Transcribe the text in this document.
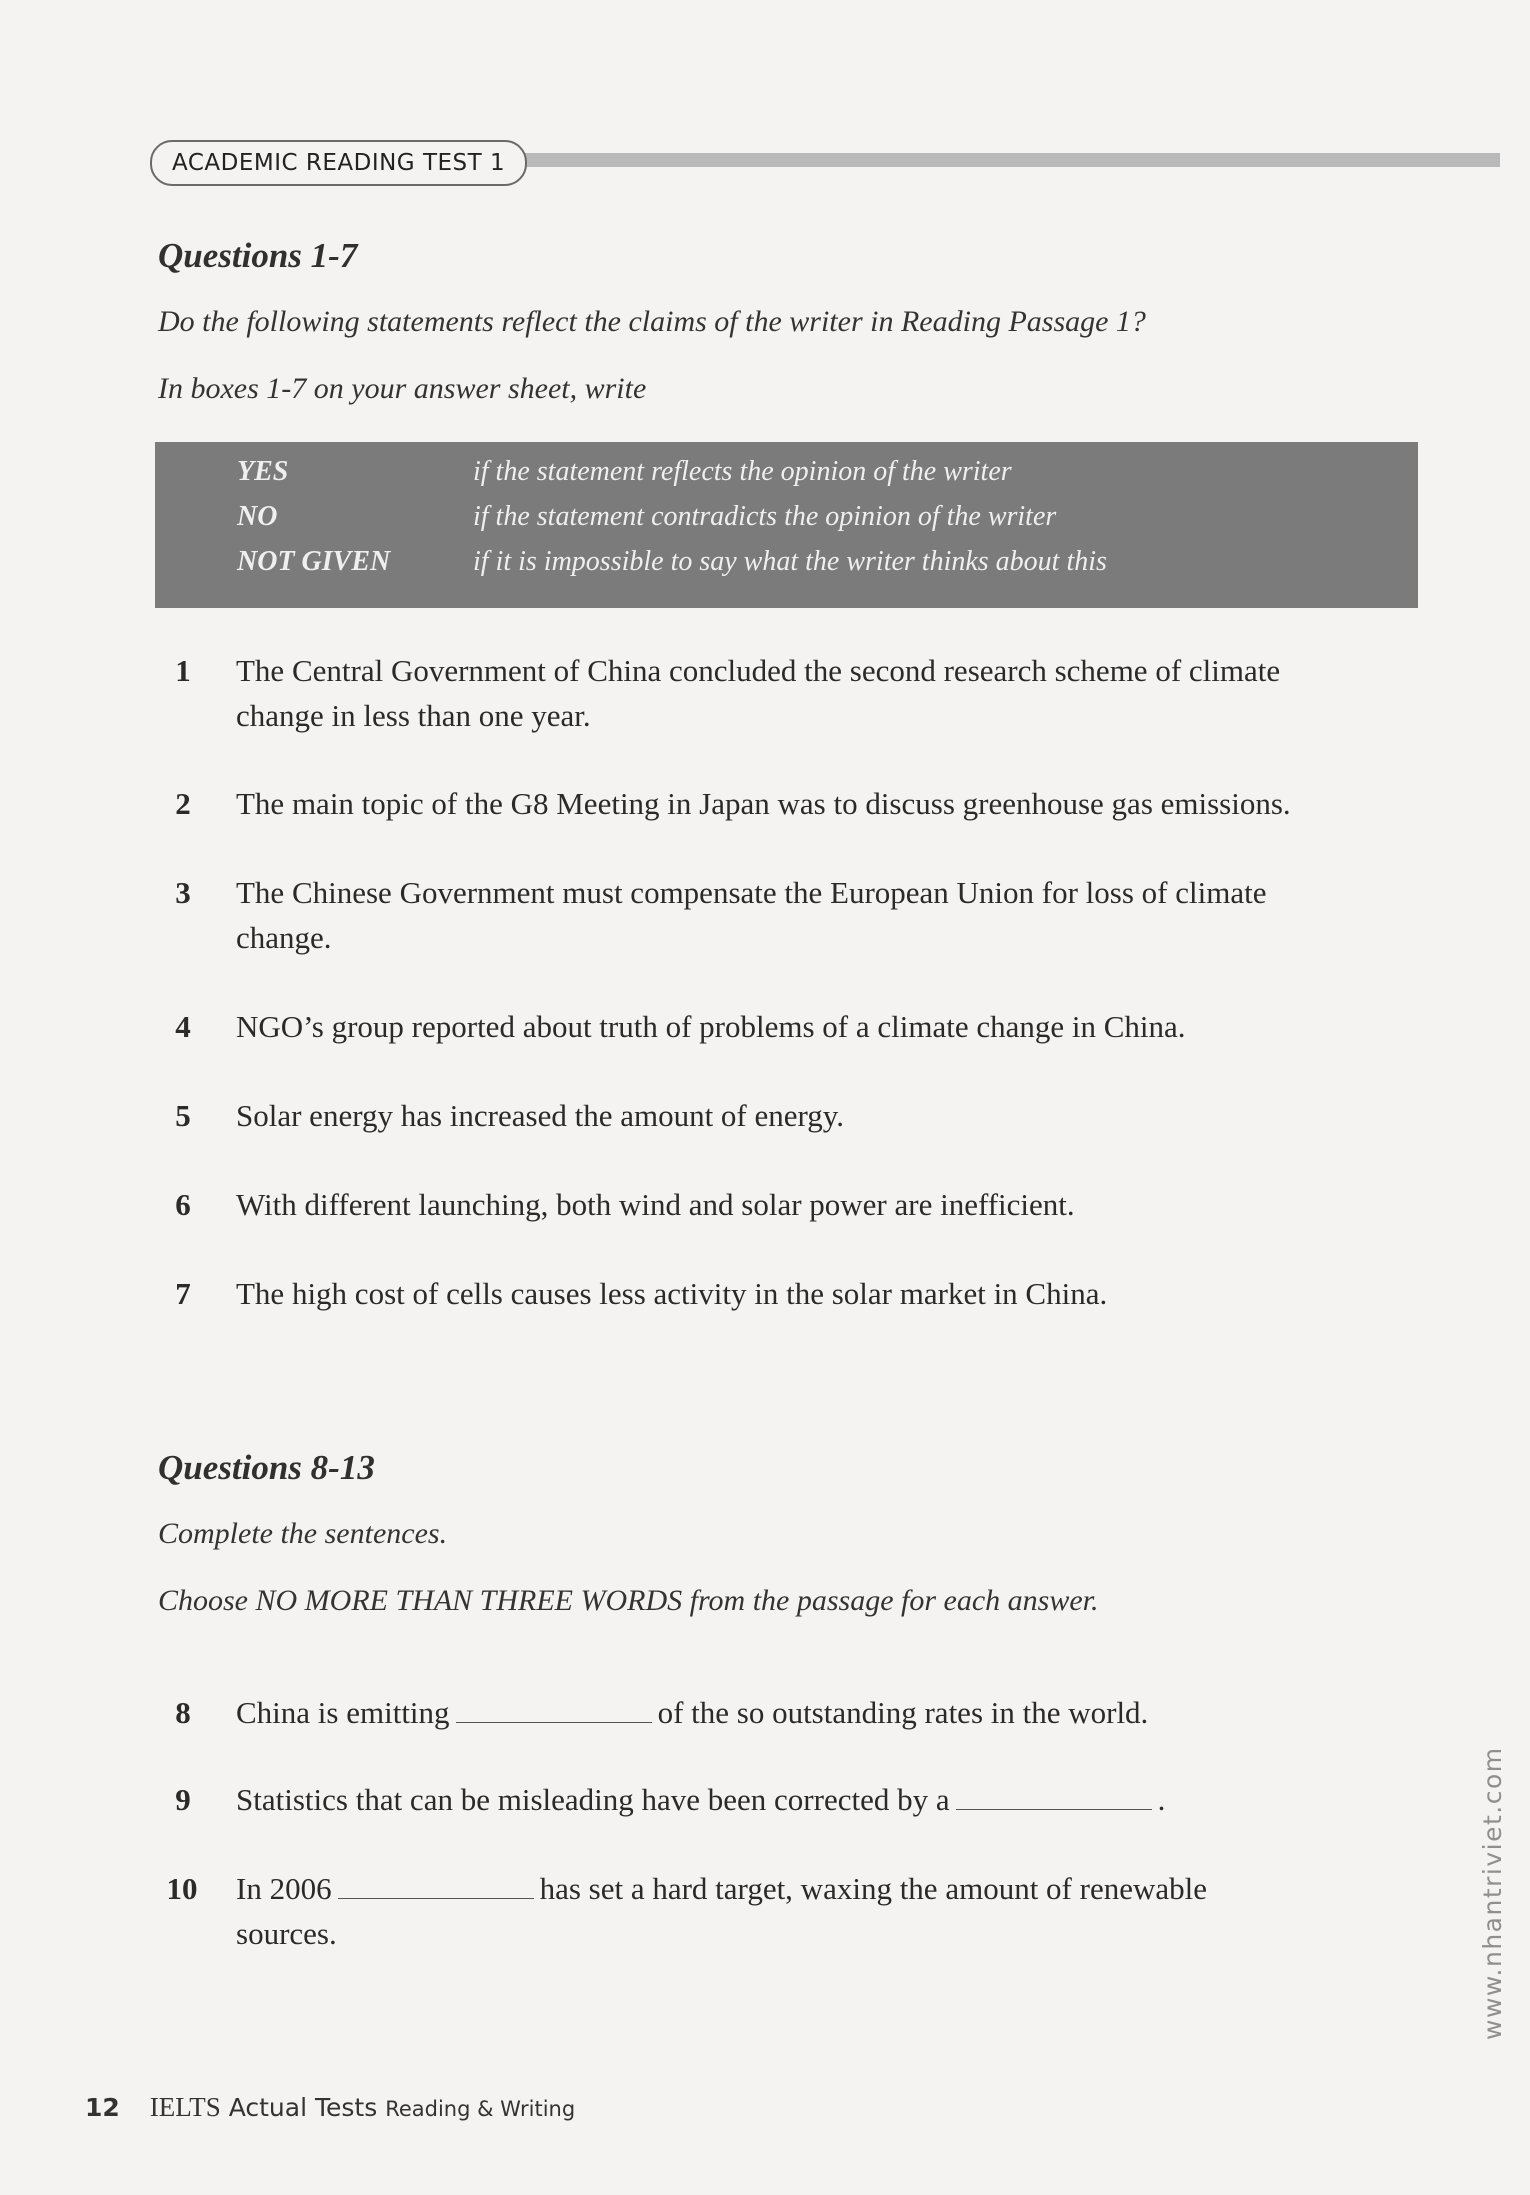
ACADEMIC READING TEST 1
Questions 1-7
Do the following statements reflect the claims of the writer in Reading Passage 1?
In boxes 1-7 on your answer sheet, write
YES	if the statement reflects the opinion of the writer
NO	if the statement contradicts the opinion of the writer
NOT GIVEN	if it is impossible to say what the writer thinks about this
1 The Central Government of China concluded the second research scheme of climate
change in less than one year.
2 The main topic of the G8 Meeting in Japan was to discuss greenhouse gas emissions.
3 The Chinese Government must compensate the European Union for loss of climate
change.
4 NGO’s group reported about truth of problems of a climate change in China.
5 Solar energy has increased the amount of energy.
6 With different launching, both wind and solar power are inefficient.
7 The high cost of cells causes less activity in the solar market in China.
Questions 8-13
Complete the sentences.
Choose NO MORE THAN THREE WORDS from the passage for each answer.
8 China is emitting	of the so outstanding rates in the world.
9 Statistics that can be misleading have been corrected by a	.
10 In 2006	has set a hard target, waxing the amount of renewable
sources.
12 IELTS Actual Tests Reading & Writing
www.nhantriviet.com
